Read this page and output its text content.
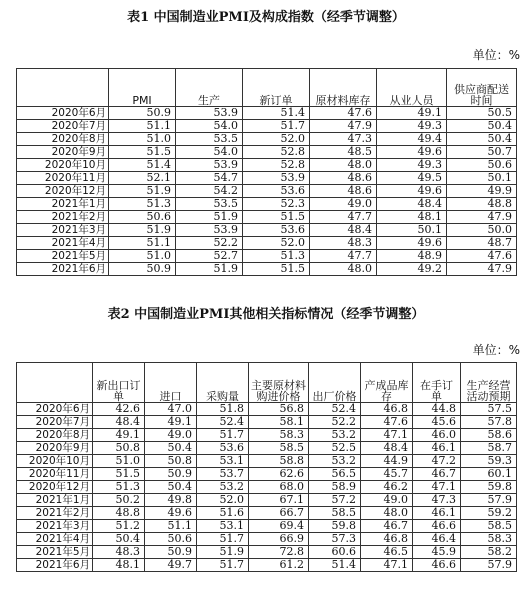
表1 中国制造业PMI及构成指数（经季节调整）
单位：%
	PMI	生产	新订单	原材料库存	从业人员	供应商配送时间
2020年6月	50.9	53.9	51.4	47.6	49.1	50.5
2020年7月	51.1	54.0	51.7	47.9	49.3	50.4
2020年8月	51.0	53.5	52.0	47.3	49.4	50.4
2020年9月	51.5	54.0	52.8	48.5	49.6	50.7
2020年10月	51.4	53.9	52.8	48.0	49.3	50.6
2020年11月	52.1	54.7	53.9	48.6	49.5	50.1
2020年12月	51.9	54.2	53.6	48.6	49.6	49.9
2021年1月	51.3	53.5	52.3	49.0	48.4	48.8
2021年2月	50.6	51.9	51.5	47.7	48.1	47.9
2021年3月	51.9	53.9	53.6	48.4	50.1	50.0
2021年4月	51.1	52.2	52.0	48.3	49.6	48.7
2021年5月	51.0	52.7	51.3	47.7	48.9	47.6
2021年6月	50.9	51.9	51.5	48.0	49.2	47.9
表2 中国制造业PMI其他相关指标情况（经季节调整）
单位：%
	新出口订单	进口	采购量	主要原材料购进价格	出厂价格	产成品库存	在手订单	生产经营活动预期
2020年6月	42.6	47.0	51.8	56.8	52.4	46.8	44.8	57.5
2020年7月	48.4	49.1	52.4	58.1	52.2	47.6	45.6	57.8
2020年8月	49.1	49.0	51.7	58.3	53.2	47.1	46.0	58.6
2020年9月	50.8	50.4	53.6	58.5	52.5	48.4	46.1	58.7
2020年10月	51.0	50.8	53.1	58.8	53.2	44.9	47.2	59.3
2020年11月	51.5	50.9	53.7	62.6	56.5	45.7	46.7	60.1
2020年12月	51.3	50.4	53.2	68.0	58.9	46.2	47.1	59.8
2021年1月	50.2	49.8	52.0	67.1	57.2	49.0	47.3	57.9
2021年2月	48.8	49.6	51.6	66.7	58.5	48.0	46.1	59.2
2021年3月	51.2	51.1	53.1	69.4	59.8	46.7	46.6	58.5
2021年4月	50.4	50.6	51.7	66.9	57.3	46.8	46.4	58.3
2021年5月	48.3	50.9	51.9	72.8	60.6	46.5	45.9	58.2
2021年6月	48.1	49.7	51.7	61.2	51.4	47.1	46.6	57.9
